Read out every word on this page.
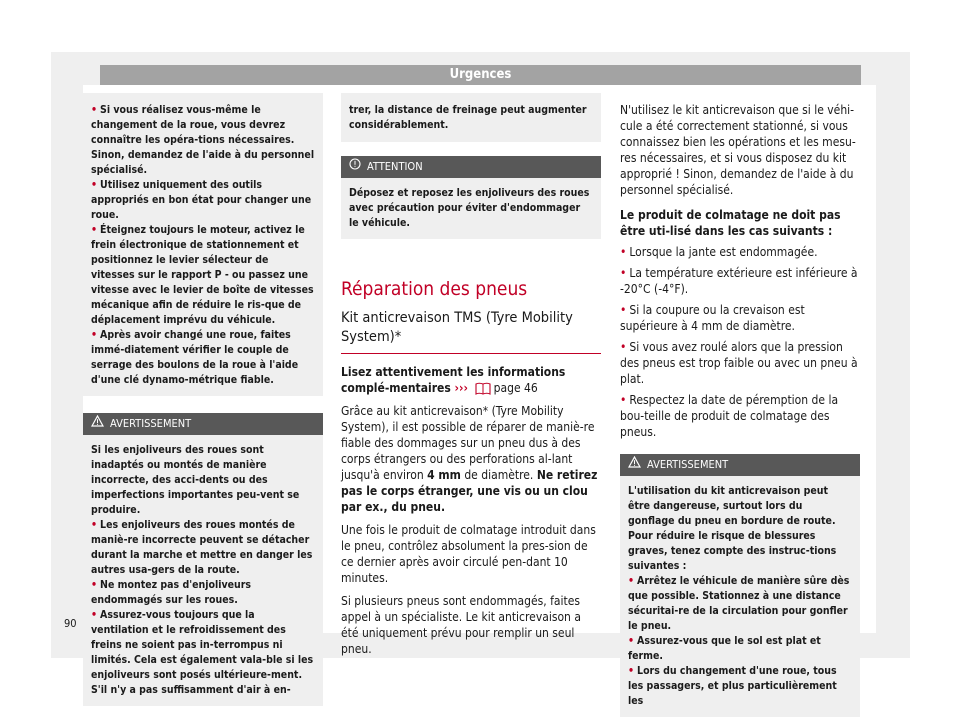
Urgences

• Si vous réalisez vous-même le changement de la roue, vous devrez connaître les opéra-tions nécessaires. Sinon, demandez de l'aide à du personnel spécialisé.

• Utilisez uniquement des outils appropriés en bon état pour changer une roue.

• Éteignez toujours le moteur, activez le frein électronique de stationnement et positionnez le levier sélecteur de vitesses sur le rapport P - ou passez une vitesse avec le levier de boîte de vitesses mécanique afin de réduire le ris-que de déplacement imprévu du véhicule.

• Après avoir changé une roue, faites immé-diatement vérifier le couple de serrage des boulons de la roue à l'aide d'une clé dynamo-métrique fiable.

AVERTISSEMENT

Si les enjoliveurs des roues sont inadaptés ou montés de manière incorrecte, des acci-dents ou des imperfections importantes peu-vent se produire.

• Les enjoliveurs des roues montés de maniè-re incorrecte peuvent se détacher durant la marche et mettre en danger les autres usa-gers de la route.

• Ne montez pas d'enjoliveurs endommagés sur les roues.

• Assurez-vous toujours que la ventilation et le refroidissement des freins ne soient pas in-terrompus ni limités. Cela est également vala-ble si les enjoliveurs sont posés ultérieure-ment. S'il n'y a pas suffisamment d'air à en-

trer, la distance de freinage peut augmenter considérablement.

ATTENTION

Déposez et reposez les enjoliveurs des roues avec précaution pour éviter d'endommager le véhicule.

Réparation des pneus

Kit anticrevaison TMS (Tyre Mobility System)*

Lisez attentivement les informations complé-mentaires ››› page 46

Grâce au kit anticrevaison* (Tyre Mobility System), il est possible de réparer de maniè-re fiable des dommages sur un pneu dus à des corps étrangers ou des perforations al-lant jusqu'à environ 4 mm de diamètre. Ne retirez pas le corps étranger, une vis ou un clou par ex., du pneu.

Une fois le produit de colmatage introduit dans le pneu, contrôlez absolument la pres-sion de ce dernier après avoir circulé pen-dant 10 minutes.

Si plusieurs pneus sont endommagés, faites appel à un spécialiste. Le kit anticrevaison a été uniquement prévu pour remplir un seul pneu.

N'utilisez le kit anticrevaison que si le véhi-cule a été correctement stationné, si vous connaissez bien les opérations et les mesu-res nécessaires, et si vous disposez du kit approprié ! Sinon, demandez de l'aide à du personnel spécialisé.

Le produit de colmatage ne doit pas être uti-lisé dans les cas suivants :

• Lorsque la jante est endommagée.

• La température extérieure est inférieure à -20°C (-4°F).

• Si la coupure ou la crevaison est supérieure à 4 mm de diamètre.

• Si vous avez roulé alors que la pression des pneus est trop faible ou avec un pneu à plat.

• Respectez la date de péremption de la bou-teille de produit de colmatage des pneus.

AVERTISSEMENT

L'utilisation du kit anticrevaison peut être dangereuse, surtout lors du gonflage du pneu en bordure de route. Pour réduire le risque de blessures graves, tenez compte des instruc-tions suivantes :

• Arrêtez le véhicule de manière sûre dès que possible. Stationnez à une distance sécuritai-re de la circulation pour gonfler le pneu.

• Assurez-vous que le sol est plat et ferme.

• Lors du changement d'une roue, tous les passagers, et plus particulièrement les

90
